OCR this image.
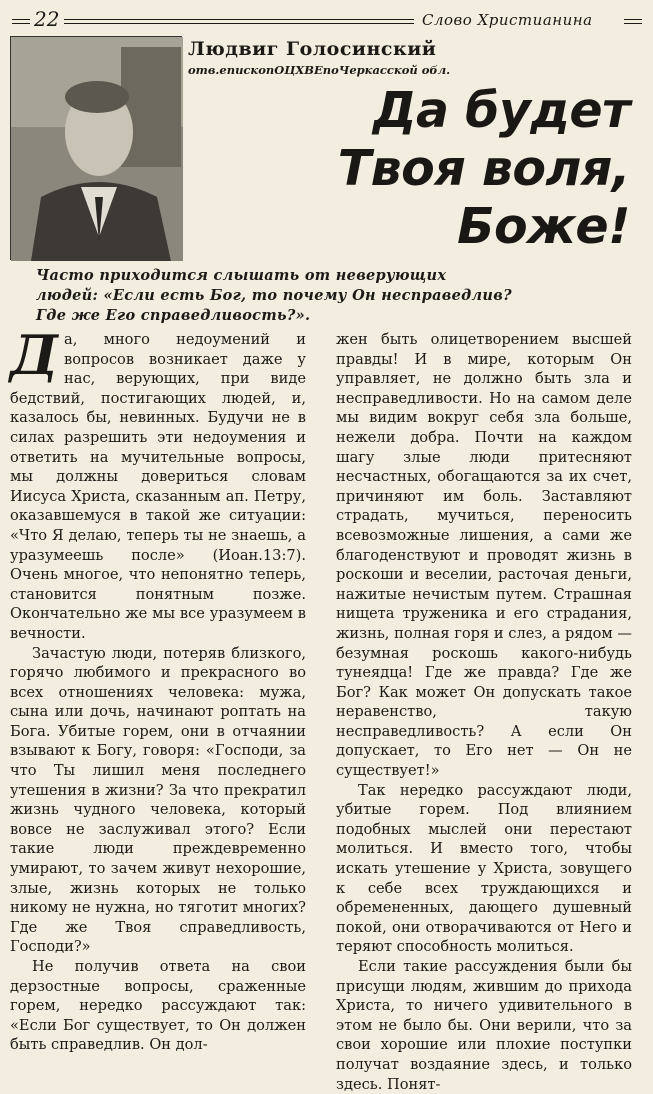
22	Слово Христианина
Людвиг Голосинский
отв.епископОЦХВЕпоЧеркасской обл.
Да будет
Твоя воля,
Боже!
Часто приходится слышать от неверующих людей: «Если есть Бог, то почему Он несправедлив? Где же Его справедливость?».

Да, много недоумений и вопросов возникает даже у нас, верующих, при виде бедствий, постигающих людей, и, казалось бы, невинных. Будучи не в силах разрешить эти недоумения и ответить на мучительные вопросы, мы должны довериться словам Иисуса Христа, сказанным ап. Петру, оказавшемуся в такой же ситуации: «Что Я делаю, теперь ты не знаешь, а уразумеешь после» (Иоан.13:7). Очень многое, что непонятно теперь, становится понятным позже. Окончательно же мы все уразумеем в вечности.

Зачастую люди, потеряв близкого, горячо любимого и прекрасного во всех отношениях человека: мужа, сына или дочь, начинают роптать на Бога. Убитые горем, они в отчаянии взывают к Богу, говоря: «Господи, за что Ты лишил меня последнего утешения в жизни? За что прекратил жизнь чудного человека, который вовсе не заслуживал этого? Если такие люди преждевременно умирают, то зачем живут нехорошие, злые, жизнь которых не только никому не нужна, но тяготит многих? Где же Твоя справедливость, Господи?»

Не получив ответа на свои дерзостные вопросы, сраженные горем, нередко рассуждают так: «Если Бог существует, то Он должен быть справедлив. Он дол-

жен быть олицетворением высшей правды! И в мире, которым Он управляет, не должно быть зла и несправедливости. Но на самом деле мы видим вокруг себя зла больше, нежели добра. Почти на каждом шагу злые люди притесняют несчастных, обогащаются за их счет, причиняют им боль. Заставляют страдать, мучиться, переносить всевозможные лишения, а сами же благоденствуют и проводят жизнь в роскоши и веселии, расточая деньги, нажитые нечистым путем. Страшная нищета труженика и его страдания, жизнь, полная горя и слез, а рядом — безумная роскошь какого-нибудь тунеядца! Где же правда? Где же Бог? Как может Он допускать такое неравенство, такую несправедливость? А если Он допускает, то Его нет — Он не существует!»

Так нередко рассуждают люди, убитые горем. Под влиянием подобных мыслей они перестают молиться. И вместо того, чтобы искать утешение у Христа, зовущего к себе всех труждающихся и обремененных, дающего душевный покой, они отворачиваются от Него и теряют способность молиться.

Если такие рассуждения были бы присущи людям, жившим до прихода Христа, то ничего удивительного в этом не было бы. Они верили, что за свои хорошие или плохие поступки получат воздаяние здесь, и только здесь. Понят-
